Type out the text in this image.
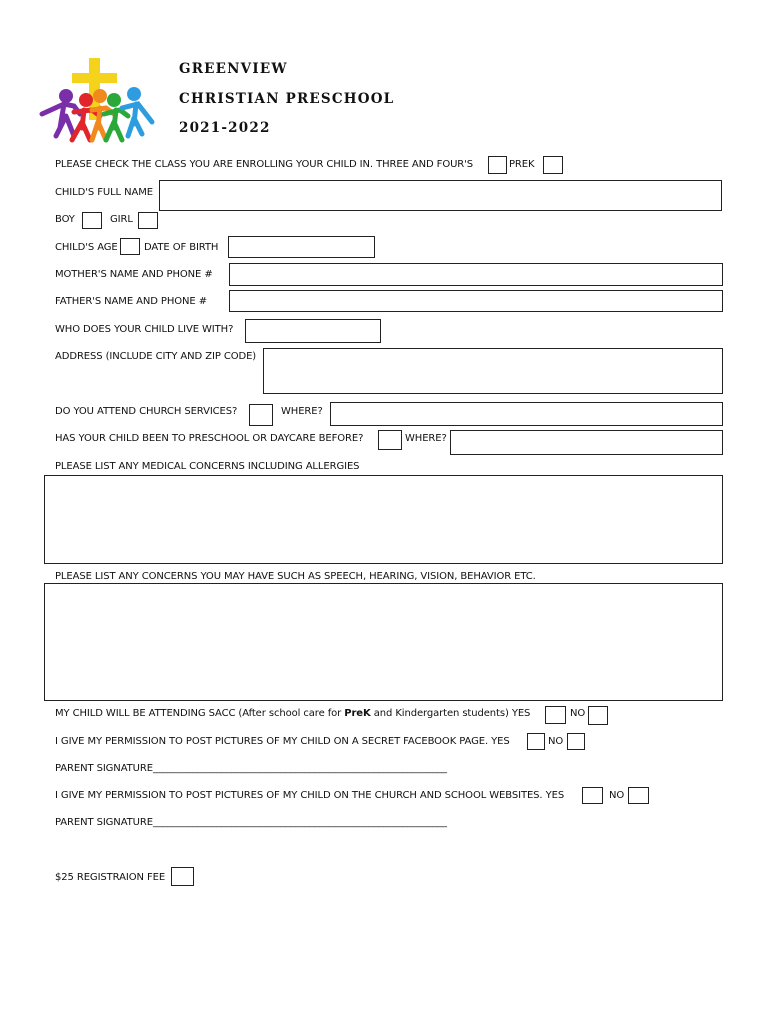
GREENVIEW
CHRISTIAN PRESCHOOL
2021-2022
PLEASE CHECK THE CLASS YOU ARE ENROLLING YOUR CHILD IN. THREE AND FOUR'S	PREK
CHILD'S FULL NAME
BOY	GIRL
CHILD'S AGE	DATE OF BIRTH
MOTHER'S NAME AND PHONE #
FATHER'S NAME AND PHONE #
WHO DOES YOUR CHILD LIVE WITH?
ADDRESS (INCLUDE CITY AND ZIP CODE)
DO YOU ATTEND CHURCH SERVICES?	WHERE?
HAS YOUR CHILD BEEN TO PRESCHOOL OR DAYCARE BEFORE?	WHERE?
PLEASE LIST ANY MEDICAL CONCERNS INCLUDING ALLERGIES
PLEASE LIST ANY CONCERNS YOU MAY HAVE SUCH AS SPEECH, HEARING, VISION, BEHAVIOR ETC.
MY CHILD WILL BE ATTENDING SACC (After school care for PreK and Kindergarten students) YES	NO
I GIVE MY PERMISSION TO POST PICTURES OF MY CHILD ON A SECRET FACEBOOK PAGE. YES	NO
PARENT SIGNATURE____________________________________________________________
I GIVE MY PERMISSION TO POST PICTURES OF MY CHILD ON THE CHURCH AND SCHOOL WEBSITES. YES	NO
PARENT SIGNATURE____________________________________________________________
$25 REGISTRAION FEE
